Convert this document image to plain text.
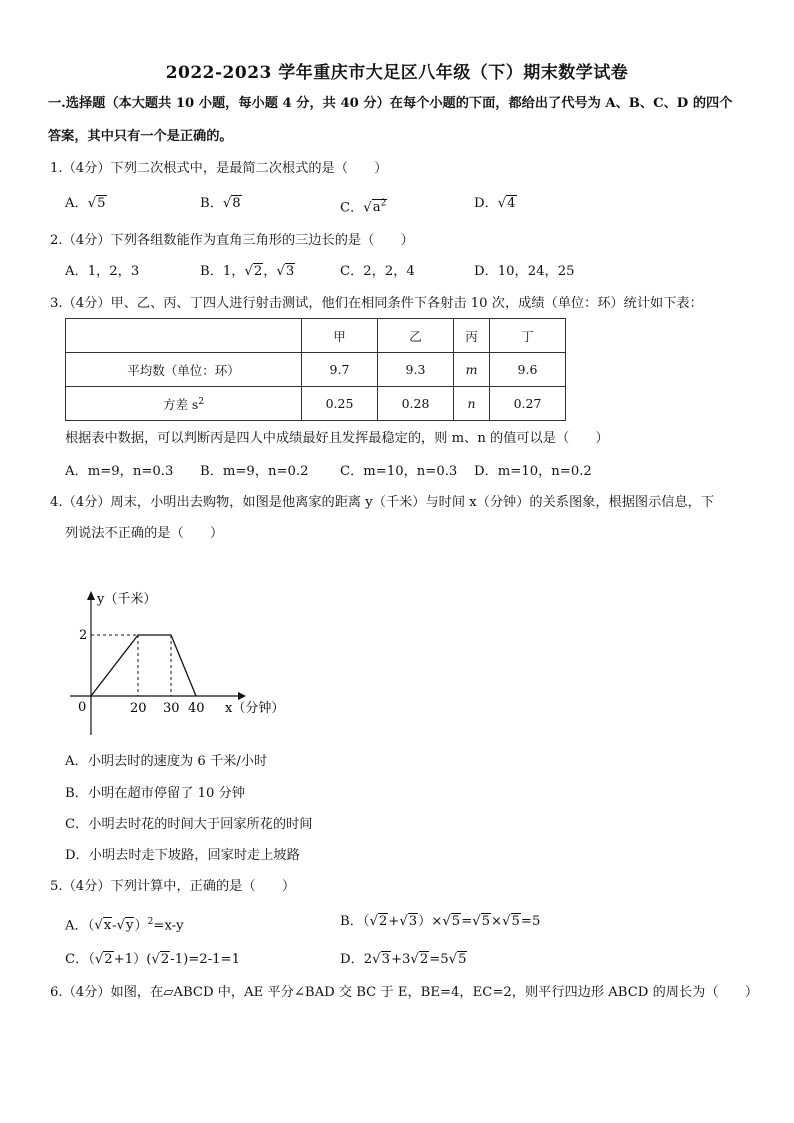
2022-2023 学年重庆市大足区八年级（下）期末数学试卷
一.选择题（本大题共 10 小题，每小题 4 分，共 40 分）在每个小题的下面，都给出了代号为 A、B、C、D 的四个
答案，其中只有一个是正确的。
1.（4分）下列二次根式中，是最简二次根式的是（　　）
A．√5	B．√8	C．$√a^2$	D．√4
2.（4分）下列各组数能作为直角三角形的三边长的是（　　）
A．1，2，3	B．1，√2，√3	C．2，2，4	D．10，24，25
3.（4分）甲、乙、丙、丁四人进行射击测试，他们在相同条件下各射击 10 次，成绩（单位：环）统计如下表：
	甲	乙	丙	丁
平均数（单位：环）	9.7	9.3	m	9.6
方差 $s^2$	0.25	0.28	n	0.27
根据表中数据，可以判断丙是四人中成绩最好且发挥最稳定的，则 m、n 的值可以是（　　）
A．m=9，n=0.3 B．m=9，n=0.2 C．m=10，n=0.3 D．m=10，n=0.2
4.（4分）周末，小明出去购物，如图是他离家的距离 y（千米）与时间 x（分钟）的关系图象，根据图示信息，下
列说法不正确的是（　　）
y（千米）
x（分钟）
0
2
20 30 40
A．小明去时的速度为 6 千米/小时
B．小明在超市停留了 10 分钟
C．小明去时花的时间大于回家所花的时间
D．小明去时走下坡路，回家时走上坡路
5.（4分）下列计算中，正确的是（　　）
A．$(√x-√y)^2=x-y$	B．（√2+√3）×√5=√5×√5=5
C．（√2+1）(√2-1)=2-1=1	D．2√3+3√2=5√5
6.（4分）如图，在▱ABCD 中，AE 平分∠BAD 交 BC 于 E，BE=4，EC=2，则平行四边形 ABCD 的周长为（　　）
